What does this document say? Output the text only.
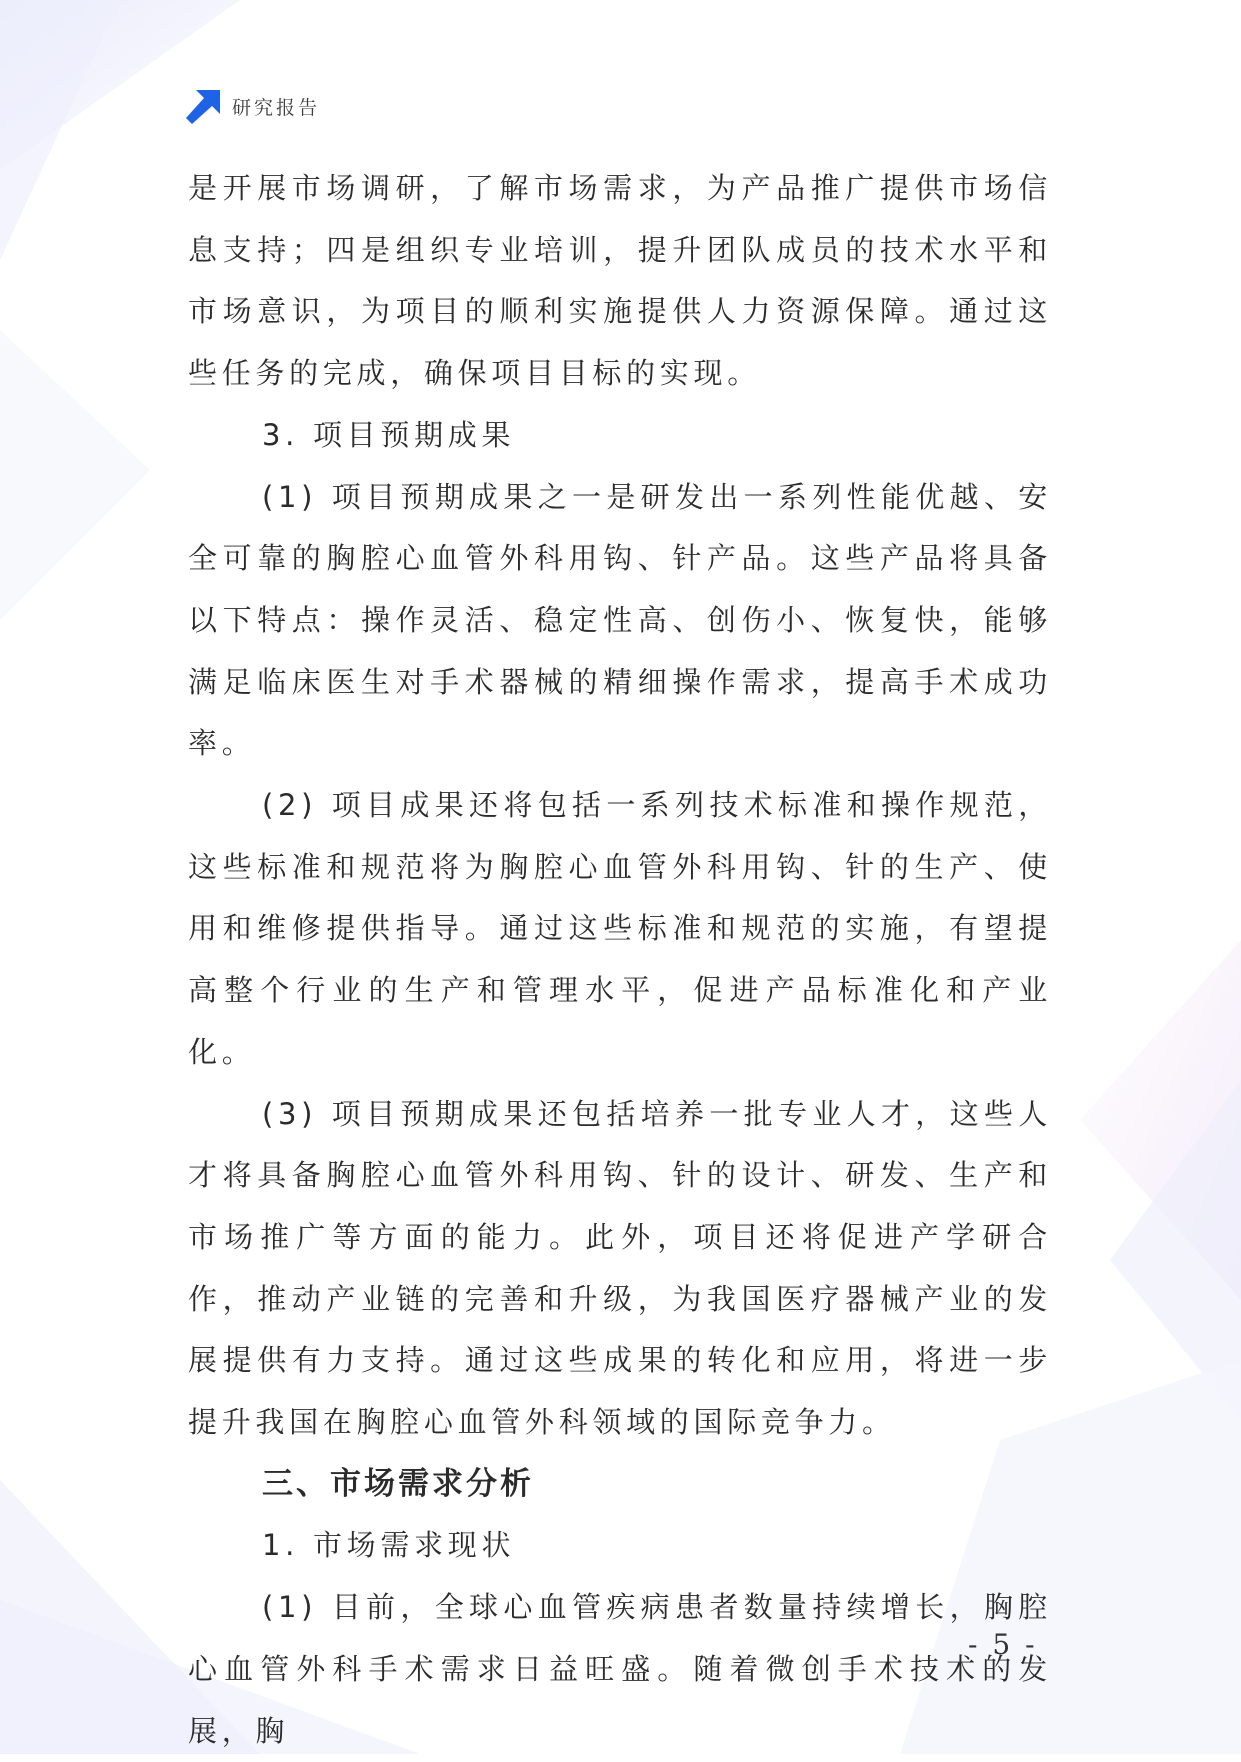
研究报告

是开展市场调研，了解市场需求，为产品推广提供市场信息支持；四是组织专业培训，提升团队成员的技术水平和市场意识，为项目的顺利实施提供人力资源保障。通过这些任务的完成，确保项目目标的实现。

3. 项目预期成果

(1) 项目预期成果之一是研发出一系列性能优越、安全可靠的胸腔心血管外科用钩、针产品。这些产品将具备以下特点：操作灵活、稳定性高、创伤小、恢复快，能够满足临床医生对手术器械的精细操作需求，提高手术成功率。

(2) 项目成果还将包括一系列技术标准和操作规范，这些标准和规范将为胸腔心血管外科用钩、针的生产、使用和维修提供指导。通过这些标准和规范的实施，有望提高整个行业的生产和管理水平，促进产品标准化和产业化。

(3) 项目预期成果还包括培养一批专业人才，这些人才将具备胸腔心血管外科用钩、针的设计、研发、生产和市场推广等方面的能力。此外，项目还将促进产学研合作，推动产业链的完善和升级，为我国医疗器械产业的发展提供有力支持。通过这些成果的转化和应用，将进一步提升我国在胸腔心血管外科领域的国际竞争力。

三、市场需求分析

1. 市场需求现状

(1) 目前，全球心血管疾病患者数量持续增长，胸腔心血管外科手术需求日益旺盛。随着微创手术技术的发展，胸

- 5 -
